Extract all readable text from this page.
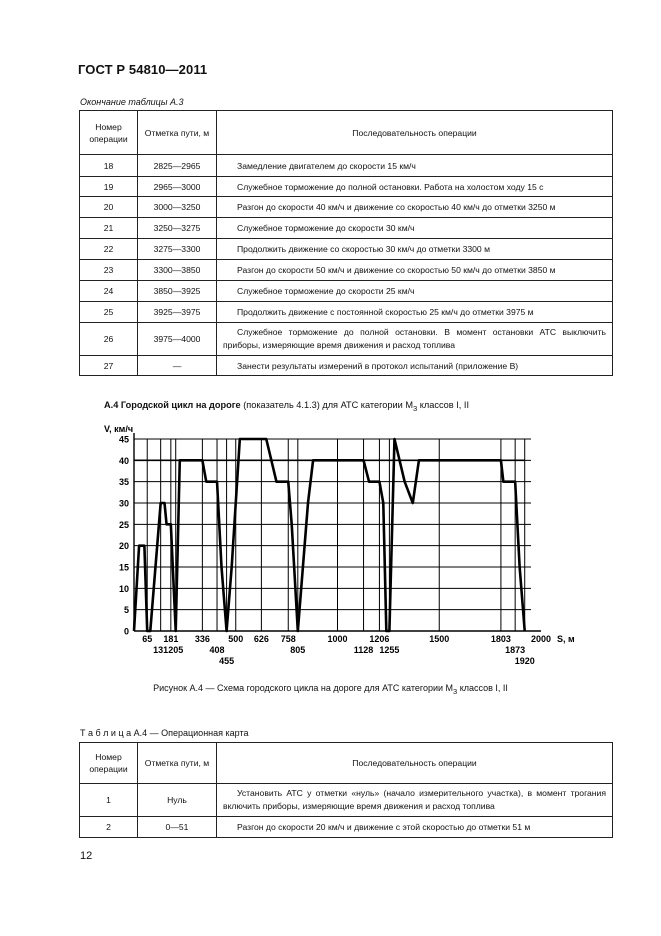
ГОСТ Р 54810—2011
Окончание таблицы А.3
Номер операции	Отметка пути, м	Последовательность операции
18	2825—2965	Замедление двигателем до скорости 15 км/ч
19	2965—3000	Служебное торможение до полной остановки. Работа на холостом ходу 15 с
20	3000—3250	Разгон до скорости 40 км/ч и движение со скоростью 40 км/ч до отметки 3250 м
21	3250—3275	Служебное торможение до скорости 30 км/ч
22	3275—3300	Продолжить движение со скоростью 30 км/ч до отметки 3300 м
23	3300—3850	Разгон до скорости 50 км/ч и движение со скоростью 50 км/ч до отметки 3850 м
24	3850—3925	Служебное торможение до скорости 25 км/ч
25	3925—3975	Продолжить движение с постоянной скоростью 25 км/ч до отметки 3975 м
26	3975—4000	Служебное торможение до полной остановки. В момент остановки АТС выключить приборы, измеряющие время движения и расход топлива
27	—	Занести результаты измерений в протокол испытаний (приложение В)
А.4 Городской цикл на дороге (показатель 4.1.3) для АТС категории $М_3$ классов I, II
0
5
10
15
20
25
30
35
40
45
V, км/ч
65
131
181
205
336
408
455
500 626 758
805
1000
1128
1206
1255
1500	1803
1873
1920
2000 S, м
Рисунок А.4 — Схема городского цикла на дороге для АТС категории $М_3$ классов I, II
Т а б л и ц а А.4 — Операционная карта
Номер операции	Отметка пути, м	Последовательность операции
1	Нуль	Установить АТС у отметки «нуль» (начало измерительного участка), в момент трогания включить приборы, измеряющие время движения и расход топлива
2	0—51	Разгон до скорости 20 км/ч и движение с этой скоростью до отметки 51 м
12
